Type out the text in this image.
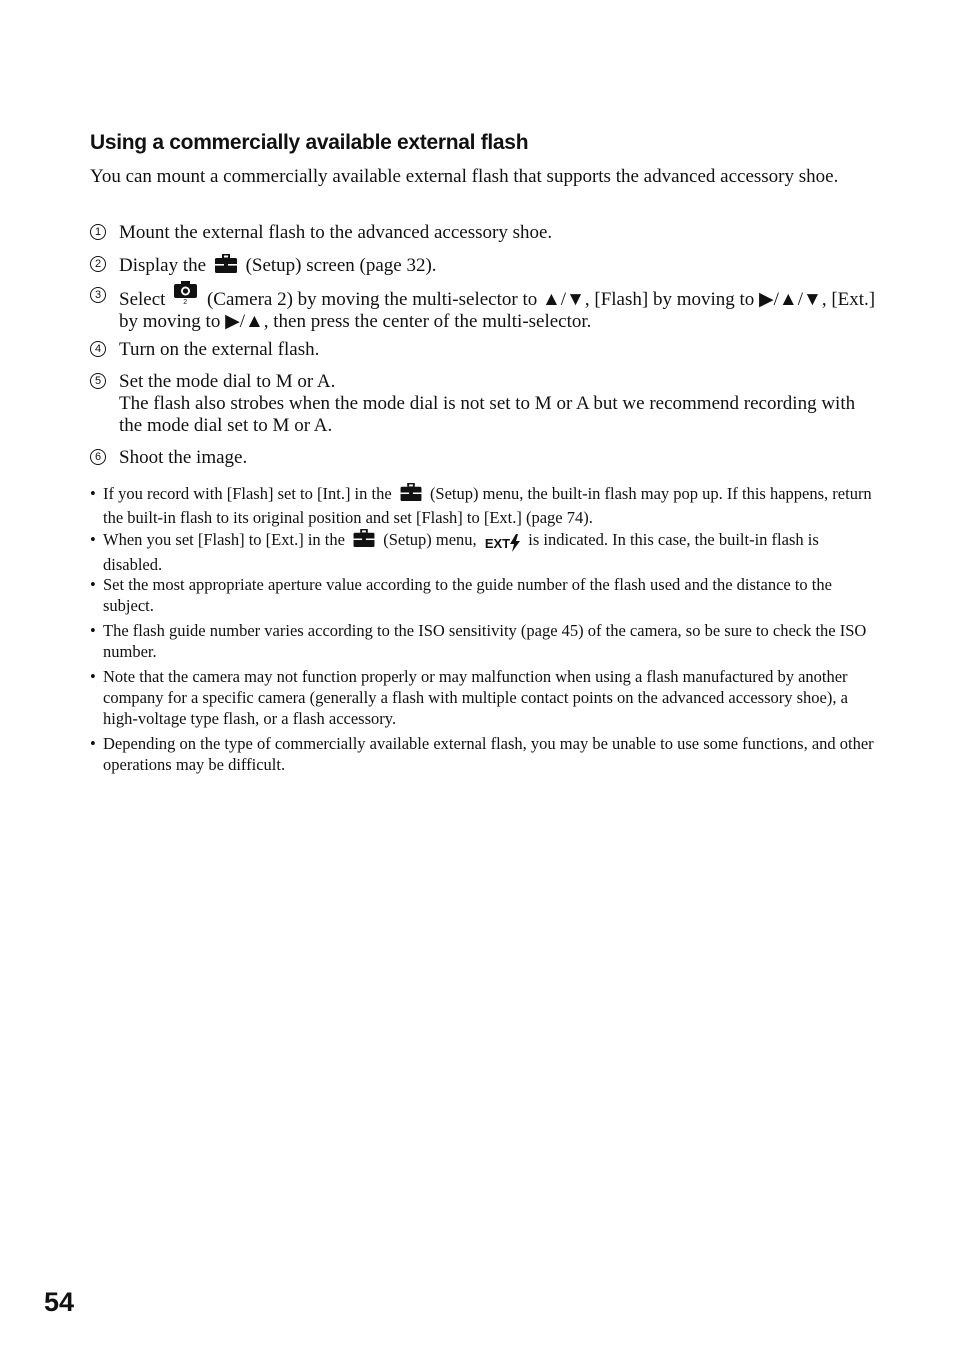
Using a commercially available external flash
You can mount a commercially available external flash that supports the advanced accessory shoe.
1 Mount the external flash to the advanced accessory shoe.
2 Display the (Setup) screen (page 32).
3 Select	2 (Camera 2) by moving the multi-selector to ▲/▼, [Flash] by moving to ▶/▲/▼, [Ext.] by moving to ▶/▲, then press the center of the multi-selector.
4 Turn on the external flash.
5 Set the mode dial to M or A.
The flash also strobes when the mode dial is not set to M or A but we recommend recording with the mode dial set to M or A.
6 Shoot the image.
• If you record with [Flash] set to [Int.] in the (Setup) menu, the built-in flash may pop up. If this happens, return the built-in flash to its original position and set [Flash] to [Ext.] (page 74).
• When you set [Flash] to [Ext.] in the (Setup) menu, EXT is indicated. In this case, the built-in flash is disabled.
• Set the most appropriate aperture value according to the guide number of the flash used and the distance to the subject.
• The flash guide number varies according to the ISO sensitivity (page 45) of the camera, so be sure to check the ISO number.
• Note that the camera may not function properly or may malfunction when using a flash manufactured by another company for a specific camera (generally a flash with multiple contact points on the advanced accessory shoe), a high-voltage type flash, or a flash accessory.
• Depending on the type of commercially available external flash, you may be unable to use some functions, and other operations may be difficult.
54
